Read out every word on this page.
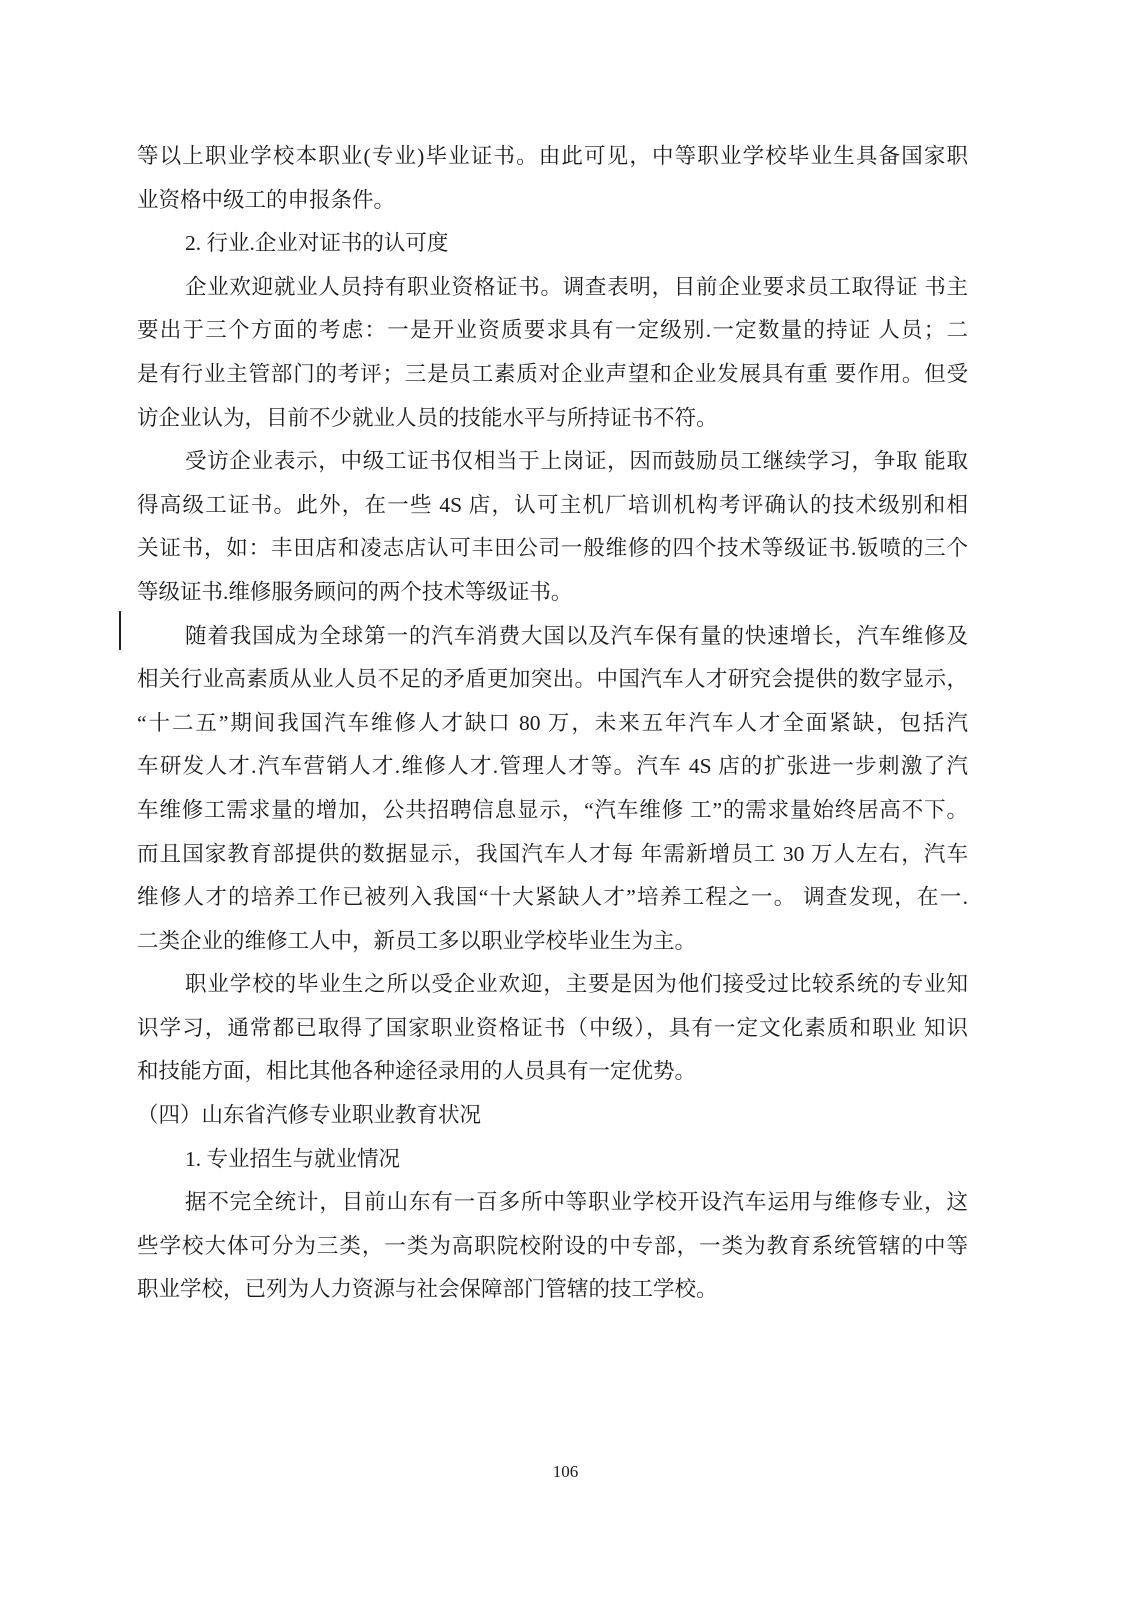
等以上职业学校本职业(专业)毕业证书。由此可见，中等职业学校毕业生具备国家职
业资格中级工的申报条件。
2. 行业.企业对证书的认可度
企业欢迎就业人员持有职业资格证书。调查表明，目前企业要求员工取得证 书主
要出于三个方面的考虑：一是开业资质要求具有一定级别.一定数量的持证 人员；二
是有行业主管部门的考评；三是员工素质对企业声望和企业发展具有重 要作用。但受
访企业认为，目前不少就业人员的技能水平与所持证书不符。
受访企业表示，中级工证书仅相当于上岗证，因而鼓励员工继续学习，争取 能取
得高级工证书。此外，在一些 4S 店，认可主机厂培训机构考评确认的技术级别和相
关证书，如：丰田店和凌志店认可丰田公司一般维修的四个技术等级证书.钣喷的三个
等级证书.维修服务顾问的两个技术等级证书。
随着我国成为全球第一的汽车消费大国以及汽车保有量的快速增长，汽车维修及
相关行业高素质从业人员不足的矛盾更加突出。中国汽车人才研究会提供的数字显示，
“十二五”期间我国汽车维修人才缺口 80 万，未来五年汽车人才全面紧缺，包括汽
车研发人才.汽车营销人才.维修人才.管理人才等。汽车 4S 店的扩张进一步刺激了汽
车维修工需求量的增加，公共招聘信息显示，“汽车维修 工”的需求量始终居高不下。
而且国家教育部提供的数据显示，我国汽车人才每 年需新增员工 30 万人左右，汽车
维修人才的培养工作已被列入我国“十大紧缺人才”培养工程之一。 调查发现，在一.
二类企业的维修工人中，新员工多以职业学校毕业生为主。
职业学校的毕业生之所以受企业欢迎，主要是因为他们接受过比较系统的专业知
识学习，通常都已取得了国家职业资格证书（中级），具有一定文化素质和职业 知识
和技能方面，相比其他各种途径录用的人员具有一定优势。
（四）山东省汽修专业职业教育状况
1. 专业招生与就业情况
据不完全统计，目前山东有一百多所中等职业学校开设汽车运用与维修专业，这
些学校大体可分为三类，一类为高职院校附设的中专部，一类为教育系统管辖的中等
职业学校，已列为人力资源与社会保障部门管辖的技工学校。
106
